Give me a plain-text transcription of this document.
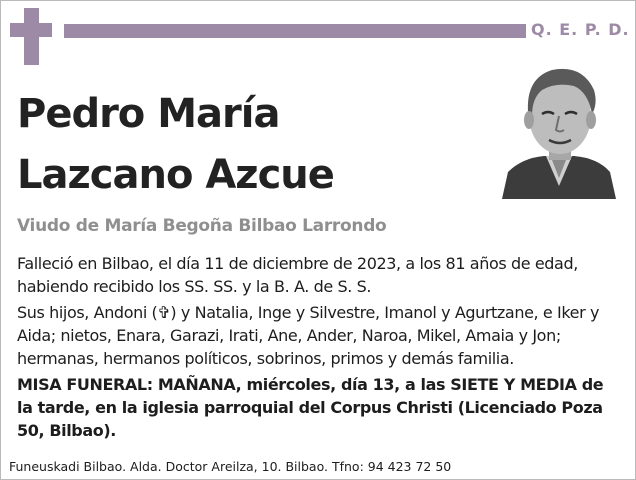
Q. E. P. D.
Pedro María
Lazcano Azcue
Viudo de María Begoña Bilbao Larrondo

Falleció en Bilbao, el día 11 de diciembre de 2023, a los 81 años de edad, habiendo recibido los SS. SS. y la B. A. de S. S.

Sus hijos, Andoni (✞) y Natalia, Inge y Silvestre, Imanol y Agurtzane, e Iker y Aida; nietos, Enara, Garazi, Irati, Ane, Ander, Naroa, Mikel, Amaia y Jon; hermanas, hermanos políticos, sobrinos, primos y demás familia.

MISA FUNERAL: MAÑANA, miércoles, día 13, a las SIETE Y MEDIA de la tarde, en la iglesia parroquial del Corpus Christi (Licenciado Poza 50, Bilbao).

Funeuskadi Bilbao. Alda. Doctor Areilza, 10. Bilbao. Tfno: 94 423 72 50
